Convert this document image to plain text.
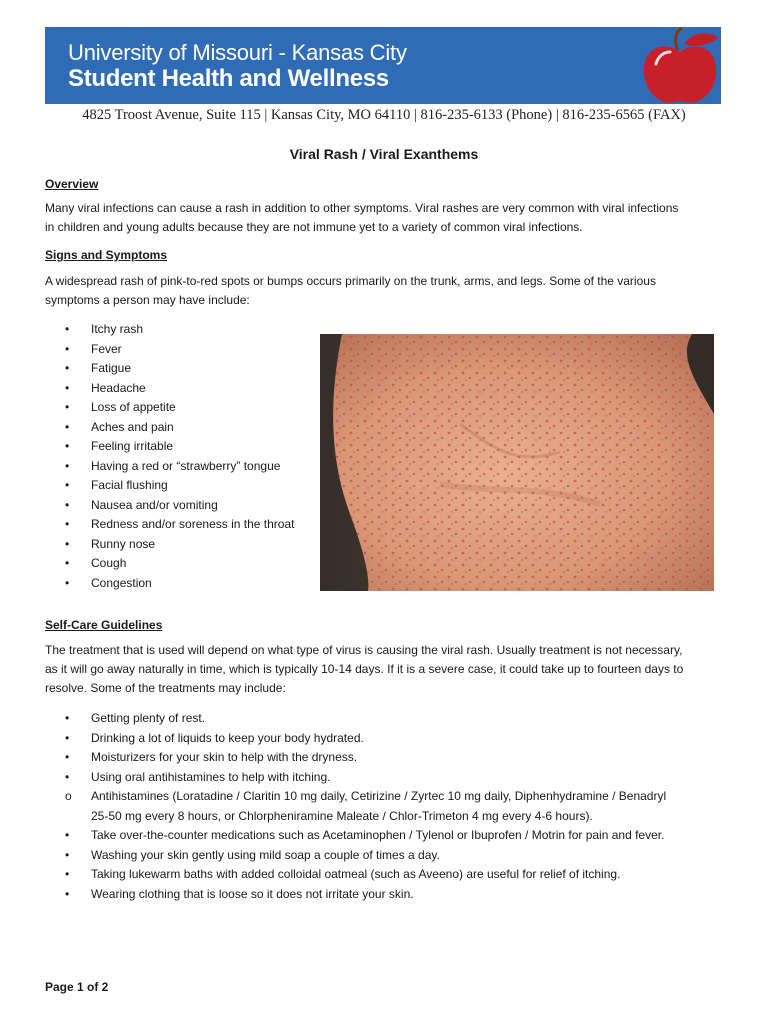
University of Missouri - Kansas City
Student Health and Wellness
4825 Troost Avenue, Suite 115 | Kansas City, MO 64110 | 816-235-6133 (Phone) | 816-235-6565 (FAX)
Viral Rash / Viral Exanthems
Overview
Many viral infections can cause a rash in addition to other symptoms. Viral rashes are very common with viral infections
in children and young adults because they are not immune yet to a variety of common viral infections.
Signs and Symptoms
A widespread rash of pink-to-red spots or bumps occurs primarily on the trunk, arms, and legs. Some of the various
symptoms a person may have include:
• Itchy rash
• Fever
• Fatigue
• Headache
• Loss of appetite
• Aches and pain
• Feeling irritable
• Having a red or “strawberry” tongue
• Facial flushing
• Nausea and/or vomiting
• Redness and/or soreness in the throat
• Runny nose
• Cough
• Congestion
Self-Care Guidelines
The treatment that is used will depend on what type of virus is causing the viral rash. Usually treatment is not necessary,
as it will go away naturally in time, which is typically 10-14 days. If it is a severe case, it could take up to fourteen days to
resolve. Some of the treatments may include:
• Getting plenty of rest.
• Drinking a lot of liquids to keep your body hydrated.
• Moisturizers for your skin to help with the dryness.
• Using oral antihistamines to help with itching.
o Antihistamines (Loratadine / Claritin 10 mg daily, Cetirizine / Zyrtec 10 mg daily, Diphenhydramine / Benadryl
25-50 mg every 8 hours, or Chlorpheniramine Maleate / Chlor-Trimeton 4 mg every 4-6 hours).
• Take over-the-counter medications such as Acetaminophen / Tylenol or Ibuprofen / Motrin for pain and fever.
• Washing your skin gently using mild soap a couple of times a day.
• Taking lukewarm baths with added colloidal oatmeal (such as Aveeno) are useful for relief of itching.
• Wearing clothing that is loose so it does not irritate your skin.
Page 1 of 2
